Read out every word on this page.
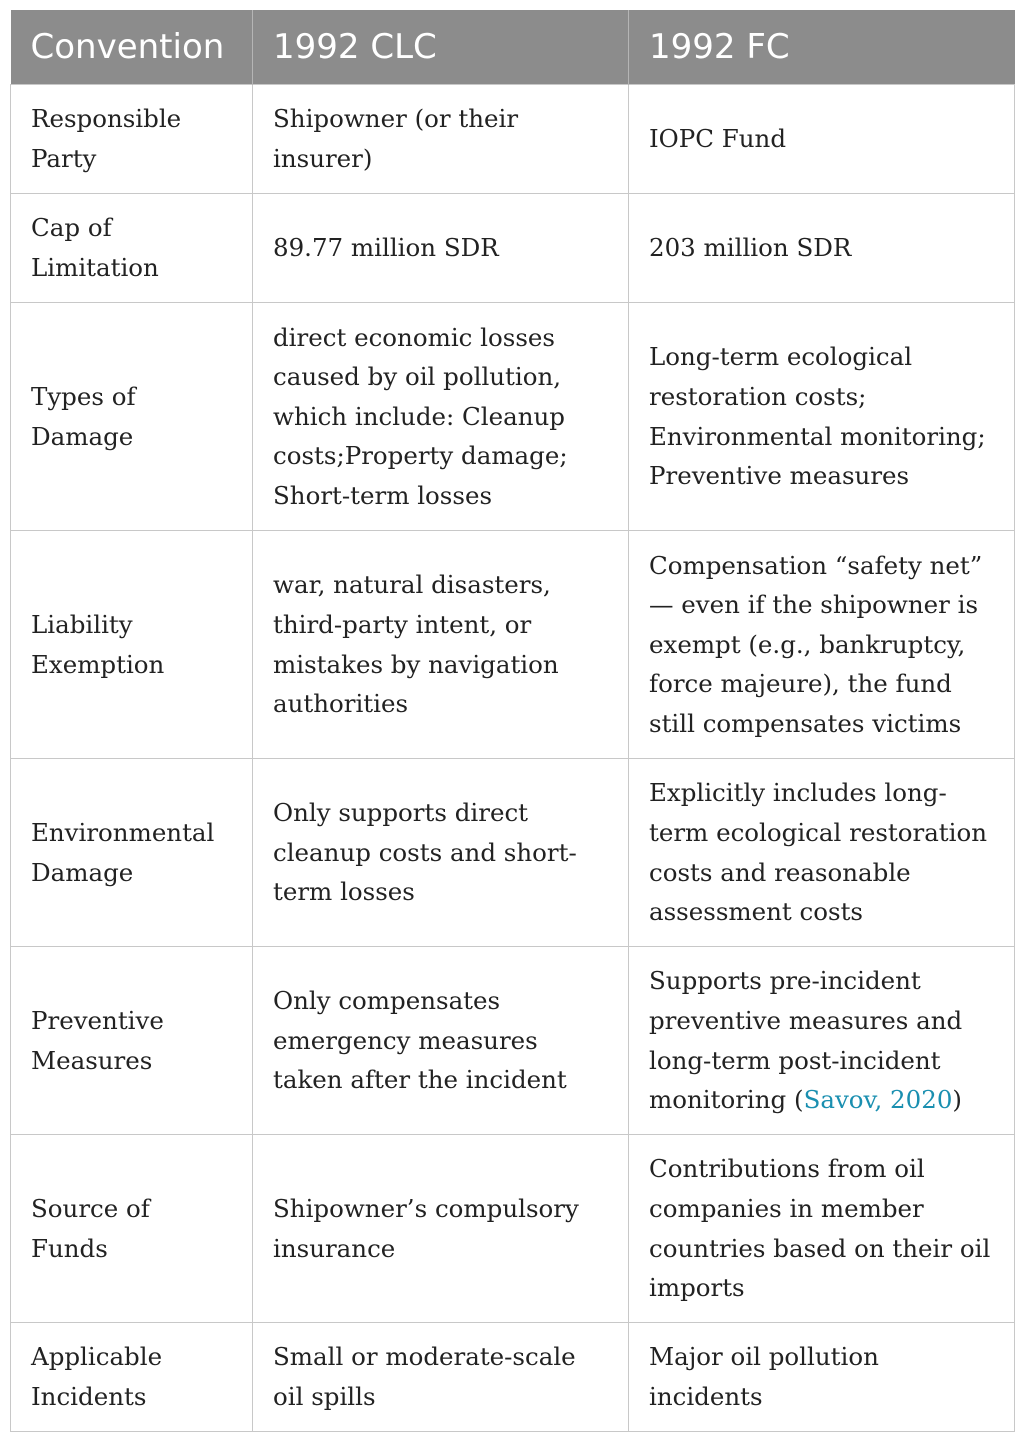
Convention	1992 CLC	1992 FC
Responsible Party	Shipowner (or their insurer)	IOPC Fund
Cap of Limitation	89.77 million SDR	203 million SDR
Types of Damage	direct economic losses caused by oil pollution, which include: Cleanup costs;Property damage; Short-term losses	Long-term ecological restoration costs; Environmental monitoring; Preventive measures
Liability Exemption	war, natural disasters, third-party intent, or mistakes by navigation authorities	Compensation “safety net” — even if the shipowner is exempt (e.g., bankruptcy, force majeure), the fund still compensates victims
Environmental Damage	Only supports direct cleanup costs and short-term losses	Explicitly includes long-term ecological restoration costs and reasonable assessment costs
Preventive Measures	Only compensates emergency measures taken after the incident	Supports pre-incident preventive measures and long-term post-incident monitoring (Savov, 2020)
Source of Funds	Shipowner’s compulsory insurance	Contributions from oil companies in member countries based on their oil imports
Applicable Incidents	Small or moderate-scale oil spills	Major oil pollution incidents
